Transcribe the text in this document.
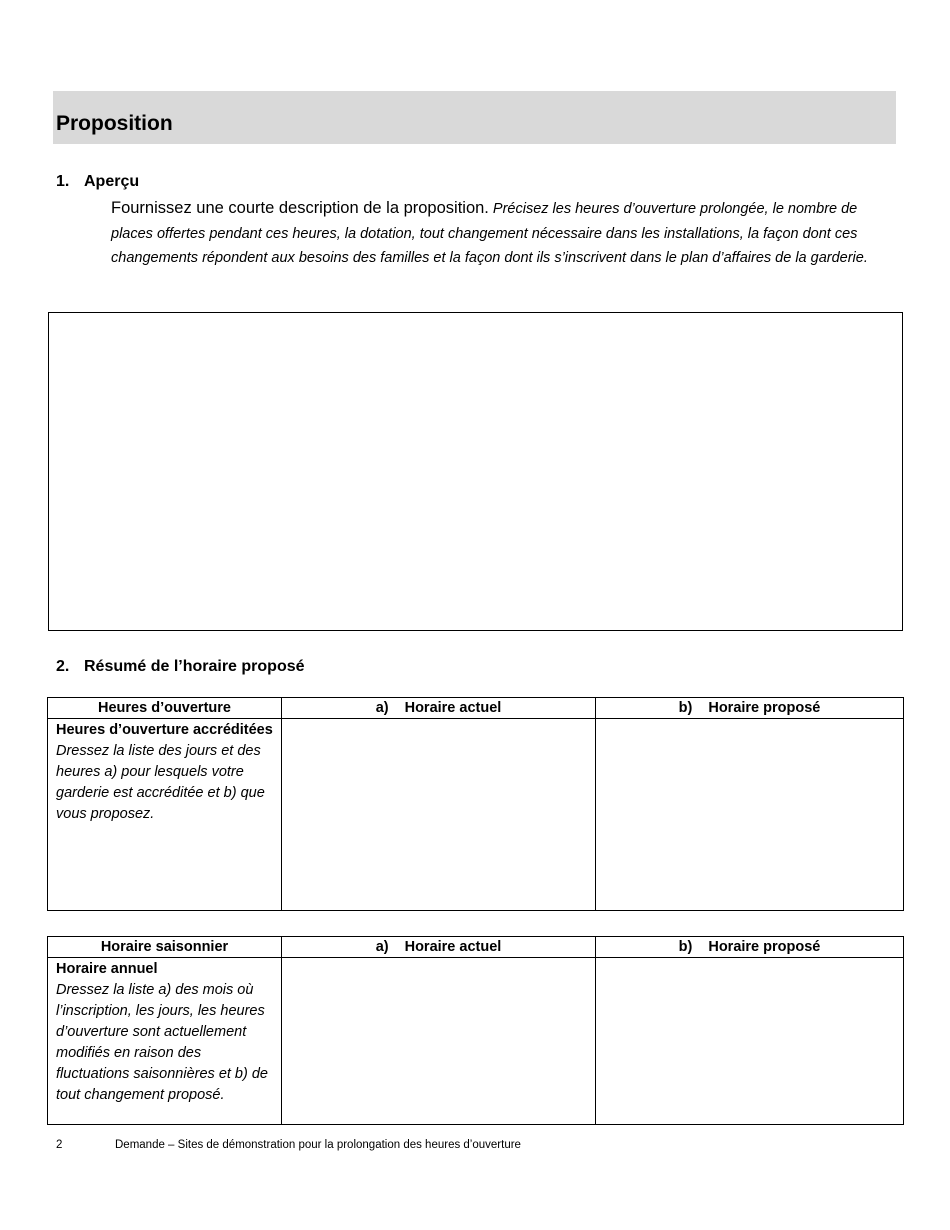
Proposition
1. Aperçu
Fournissez une courte description de la proposition. Précisez les heures d’ouverture prolongée, le nombre de places offertes pendant ces heures, la dotation, tout changement nécessaire dans les installations, la façon dont ces changements répondent aux besoins des familles et la façon dont ils s’inscrivent dans le plan d’affaires de la garderie.
2. Résumé de l’horaire proposé
Heures d’ouverture	a) Horaire actuel	b) Horaire proposé

Heures d’ouverture accréditées
Dressez la liste des jours et des heures a) pour lesquels votre garderie est accréditée et b) que vous proposez.		

Horaire saisonnier	a) Horaire actuel	b) Horaire proposé

Horaire annuel
Dressez la liste a) des mois où l’inscription, les jours, les heures d’ouverture sont actuellement modifiés en raison des fluctuations saisonnières et b) de tout changement proposé.		

2	Demande – Sites de démonstration pour la prolongation des heures d’ouverture
